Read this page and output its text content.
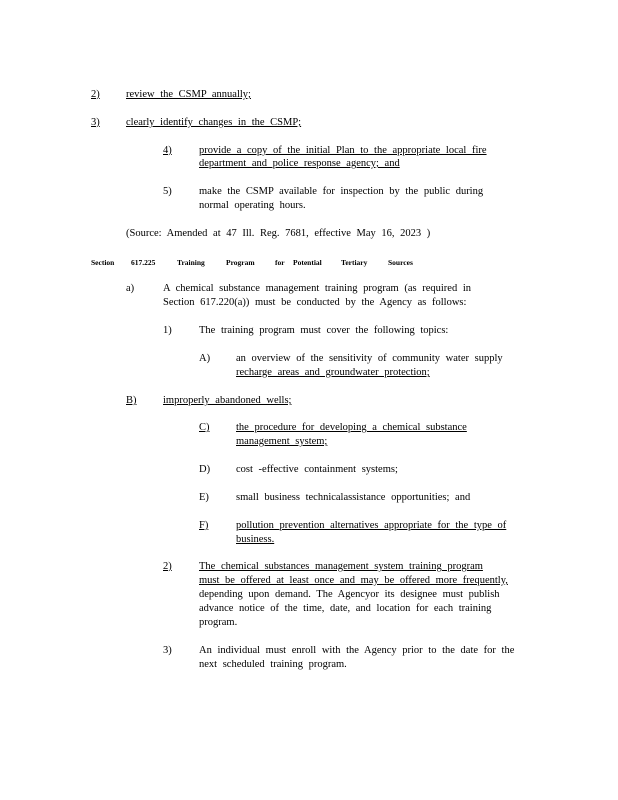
2)	review the CSMP annually;
3)	clearly identify changes in the CSMP;
4)	provide a copy of the initial Plan to the appropriate local fire
department and police response agency; and
5)	make the CSMP available for inspection by the public during
normal operating hours.
(Source: Amended at 47 Ill. Reg. 7681, effective May 16, 2023 )
Section 617.225	Training	Program	for Potential	Tertiary	Sources
a)	A chemical substance management training program (as required in
Section 617.220(a)) must be conducted by the Agency as follows:
1)	The training program must cover the following topics:
A) an overview of the sensitivity of community water supply
recharge areas and groundwater protection;
B)	improperly abandoned wells;
C)	the procedure for developing a chemical substance
management system;
D) cost -effective containment systems;
E)	small business technicalassistance opportunities; and
F)	pollution prevention alternatives appropriate for the type of
business.
2)	The chemical substances management system training program
must be offered at least once and may be offered more frequently,
depending upon demand. The Agencyor its designee must publish
advance notice of the time, date, and location for each training
program.
3)	An individual must enroll with the Agency prior to the date for the
next scheduled training program.
